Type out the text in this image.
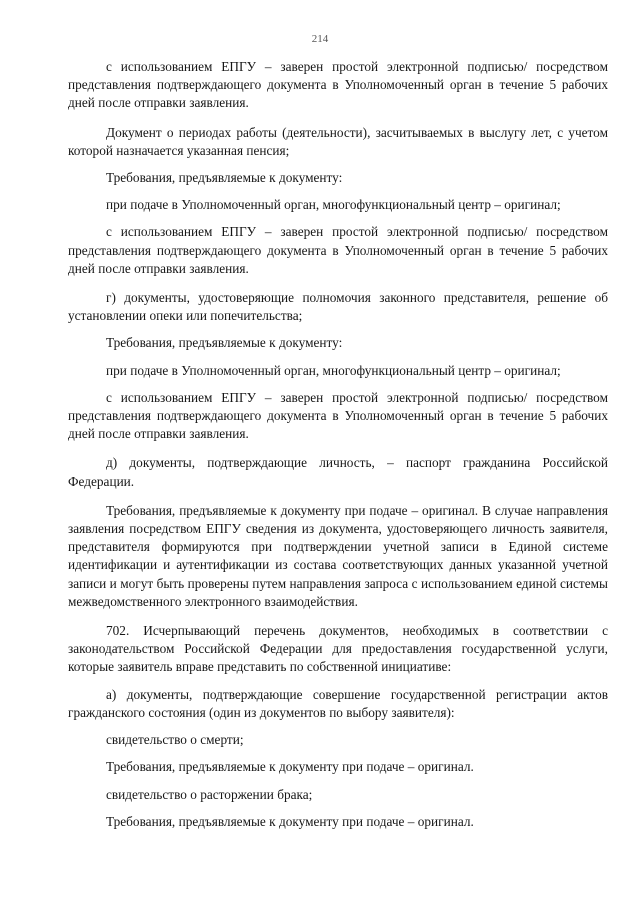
214

с использованием ЕПГУ – заверен простой электронной подписью/ посредством представления подтверждающего документа в Уполномоченный орган в течение 5 рабочих дней после отправки заявления.

Документ о периодах работы (деятельности), засчитываемых в выслугу лет, с учетом которой назначается указанная пенсия;

Требования, предъявляемые к документу:

при подаче в Уполномоченный орган, многофункциональный центр – оригинал;

с использованием ЕПГУ – заверен простой электронной подписью/ посредством представления подтверждающего документа в Уполномоченный орган в течение 5 рабочих дней после отправки заявления.

г) документы, удостоверяющие полномочия законного представителя, решение об установлении опеки или попечительства;

Требования, предъявляемые к документу:

при подаче в Уполномоченный орган, многофункциональный центр – оригинал;

с использованием ЕПГУ – заверен простой электронной подписью/ посредством представления подтверждающего документа в Уполномоченный орган в течение 5 рабочих дней после отправки заявления.

д) документы, подтверждающие личность, – паспорт гражданина Российской Федерации.

Требования, предъявляемые к документу при подаче – оригинал. В случае направления заявления посредством ЕПГУ сведения из документа, удостоверяющего личность заявителя, представителя формируются при подтверждении учетной записи в Единой системе идентификации и аутентификации из состава соответствующих данных указанной учетной записи и могут быть проверены путем направления запроса с использованием единой системы межведомственного электронного взаимодействия.

702. Исчерпывающий перечень документов, необходимых в соответствии с законодательством Российской Федерации для предоставления государственной услуги, которые заявитель вправе представить по собственной инициативе:

а) документы, подтверждающие совершение государственной регистрации актов гражданского состояния (один из документов по выбору заявителя):

свидетельство о смерти;

Требования, предъявляемые к документу при подаче – оригинал.

свидетельство о расторжении брака;

Требования, предъявляемые к документу при подаче – оригинал.
